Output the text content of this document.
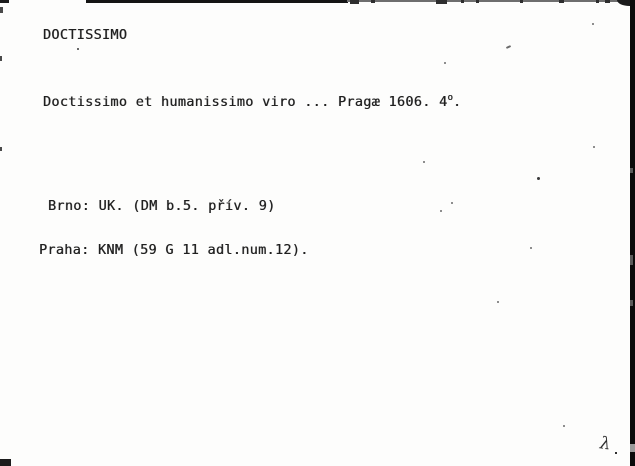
DOCTISSIMO
Doctissimo et humanissimo viro ... Pragæ 1606. 4$^o$.
Brno: UK. (DM b.5. přív. 9)
Praha: KNM (59 G 11 adl.num.12).
λ
